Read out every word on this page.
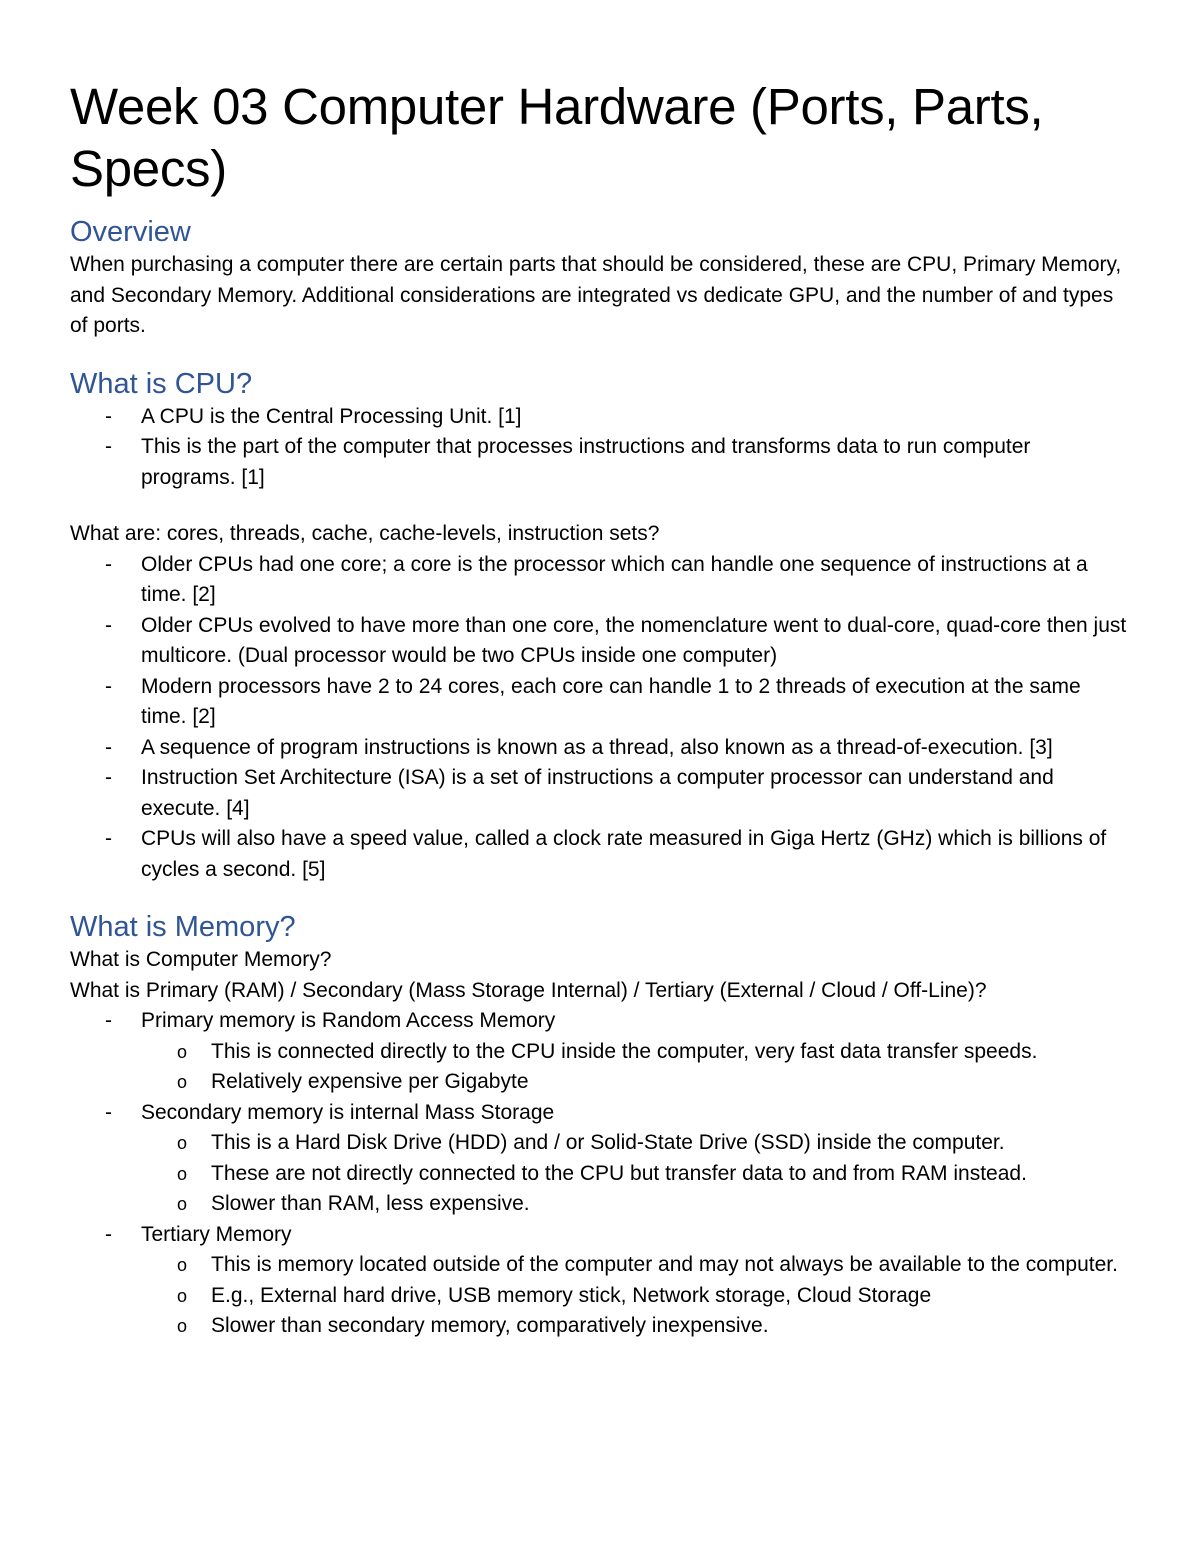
Week 03 Computer Hardware (Ports, Parts, Specs)
Overview

When purchasing a computer there are certain parts that should be considered, these are CPU, Primary Memory, and Secondary Memory. Additional considerations are integrated vs dedicate GPU, and the number of and types of ports.

What is CPU?
- A CPU is the Central Processing Unit. [1]
- This is the part of the computer that processes instructions and transforms data to run computer programs. [1]

What are: cores, threads, cache, cache-levels, instruction sets?

- Older CPUs had one core; a core is the processor which can handle one sequence of instructions at a time. [2]
- Older CPUs evolved to have more than one core, the nomenclature went to dual-core, quad-core then just multicore. (Dual processor would be two CPUs inside one computer)
- Modern processors have 2 to 24 cores, each core can handle 1 to 2 threads of execution at the same time. [2]
- A sequence of program instructions is known as a thread, also known as a thread-of-execution. [3]
- Instruction Set Architecture (ISA) is a set of instructions a computer processor can understand and execute. [4]
- CPUs will also have a speed value, called a clock rate measured in Giga Hertz (GHz) which is billions of cycles a second. [5]
What is Memory?

What is Computer Memory?

What is Primary (RAM) / Secondary (Mass Storage Internal) / Tertiary (External / Cloud / Off-Line)?

- Primary memory is Random Access Memory
o This is connected directly to the CPU inside the computer, very fast data transfer speeds.
o Relatively expensive per Gigabyte
- Secondary memory is internal Mass Storage
o This is a Hard Disk Drive (HDD) and / or Solid-State Drive (SSD) inside the computer.
o These are not directly connected to the CPU but transfer data to and from RAM instead.
o Slower than RAM, less expensive.
- Tertiary Memory
o This is memory located outside of the computer and may not always be available to the computer.
o E.g., External hard drive, USB memory stick, Network storage, Cloud Storage
o Slower than secondary memory, comparatively inexpensive.
